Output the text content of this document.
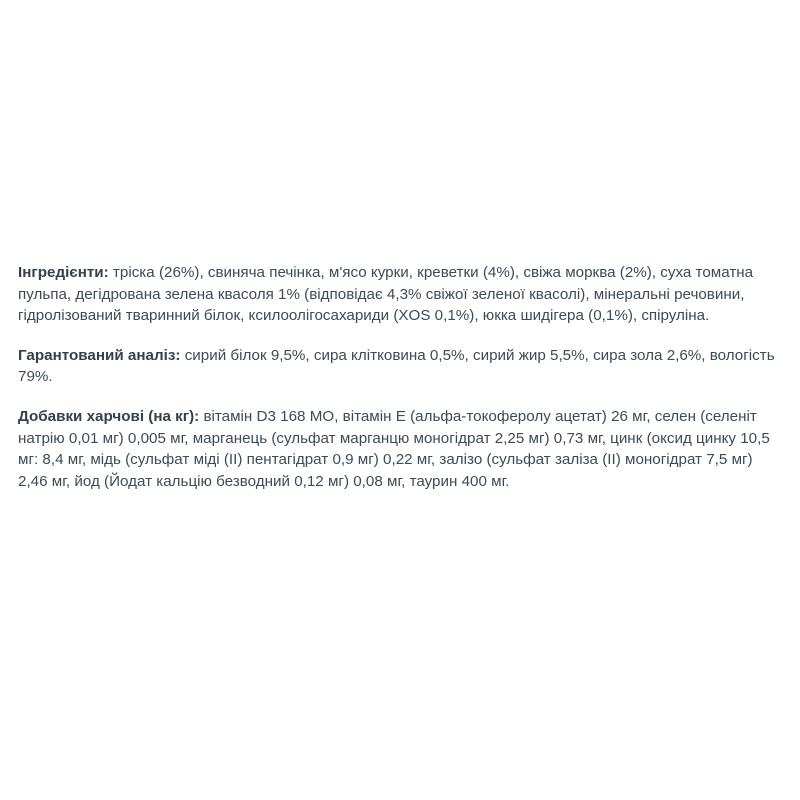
Інгредієнти: тріска (26%), свиняча печінка, м'ясо курки, креветки (4%), свіжа морква (2%), суха томатна пульпа, дегідрована зелена квасоля 1% (відповідає 4,3% свіжої зеленої квасолі), мінеральні речовини, гідролізований тваринний білок, ксилоолігосахариди (XOS 0,1%), юкка шидігера (0,1%), спіруліна.

Гарантований аналіз: сирий білок 9,5%, сира клітковина 0,5%, сирий жир 5,5%, сира зола 2,6%, вологість 79%.

Добавки харчові (на кг): вітамін D3 168 МО, вітамін Е (альфа-токоферолу ацетат) 26 мг, селен (селеніт натрію 0,01 мг) 0,005 мг, марганець (сульфат марганцю моногідрат 2,25 мг) 0,73 мг, цинк (оксид цинку 10,5 мг: 8,4 мг, мідь (сульфат міді (II) пентагідрат 0,9 мг) 0,22 мг, залізо (сульфат заліза (II) моногідрат 7,5 мг) 2,46 мг, йод (Йодат кальцію безводний 0,12 мг) 0,08 мг, таурин 400 мг.
